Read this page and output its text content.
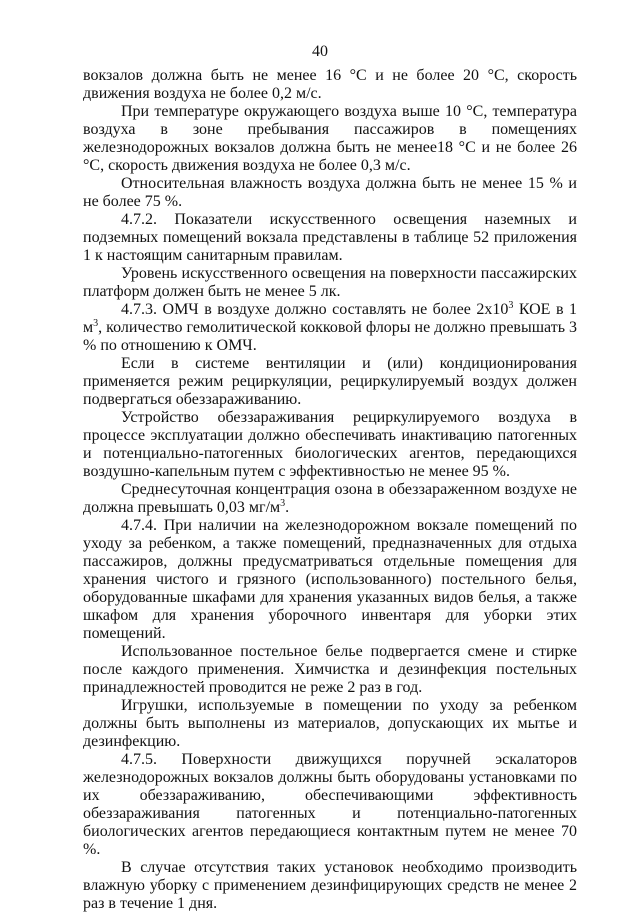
40

вокзалов должна быть не менее 16 °C и не более 20 °C, скорость движения воздуха не более 0,2 м/с.

При температуре окружающего воздуха выше 10 °C, температура воздуха в зоне пребывания пассажиров в помещениях железнодорожных вокзалов должна быть не менее18 °C и не более 26 °C, скорость движения воздуха не более 0,3 м/с.

Относительная влажность воздуха должна быть не менее 15 % и не более 75 %.

4.7.2. Показатели искусственного освещения наземных и подземных помещений вокзала представлены в таблице 52 приложения 1 к настоящим санитарным правилам.

Уровень искусственного освещения на поверхности пассажирских платформ должен быть не менее 5 лк.

4.7.3. ОМЧ в воздухе должно составлять не более $2x10^3$ КОЕ в 1 $м^3$, количество гемолитической кокковой флоры не должно превышать 3 % по отношению к ОМЧ.

Если в системе вентиляции и (или) кондиционирования применяется режим рециркуляции, рециркулируемый воздух должен подвергаться обеззараживанию.

Устройство обеззараживания рециркулируемого воздуха в процессе эксплуатации должно обеспечивать инактивацию патогенных и потенциально-патогенных биологических агентов, передающихся воздушно-капельным путем с эффективностью не менее 95 %.

Среднесуточная концентрация озона в обеззараженном воздухе не должна превышать 0,03 $мг/м^3$.

4.7.4. При наличии на железнодорожном вокзале помещений по уходу за ребенком, а также помещений, предназначенных для отдыха пассажиров, должны предусматриваться отдельные помещения для хранения чистого и грязного (использованного) постельного белья, оборудованные шкафами для хранения указанных видов белья, а также шкафом для хранения уборочного инвентаря для уборки этих помещений.

Использованное постельное белье подвергается смене и стирке после каждого применения. Химчистка и дезинфекция постельных принадлежностей проводится не реже 2 раз в год.

Игрушки, используемые в помещении по уходу за ребенком должны быть выполнены из материалов, допускающих их мытье и дезинфекцию.

4.7.5. Поверхности движущихся поручней эскалаторов железнодорожных вокзалов должны быть оборудованы установками по их обеззараживанию, обеспечивающими эффективность обеззараживания патогенных и потенциально-патогенных биологических агентов передающиеся контактным путем не менее 70 %.

В случае отсутствия таких установок необходимо производить влажную уборку с применением дезинфицирующих средств не менее 2 раз в течение 1 дня.
